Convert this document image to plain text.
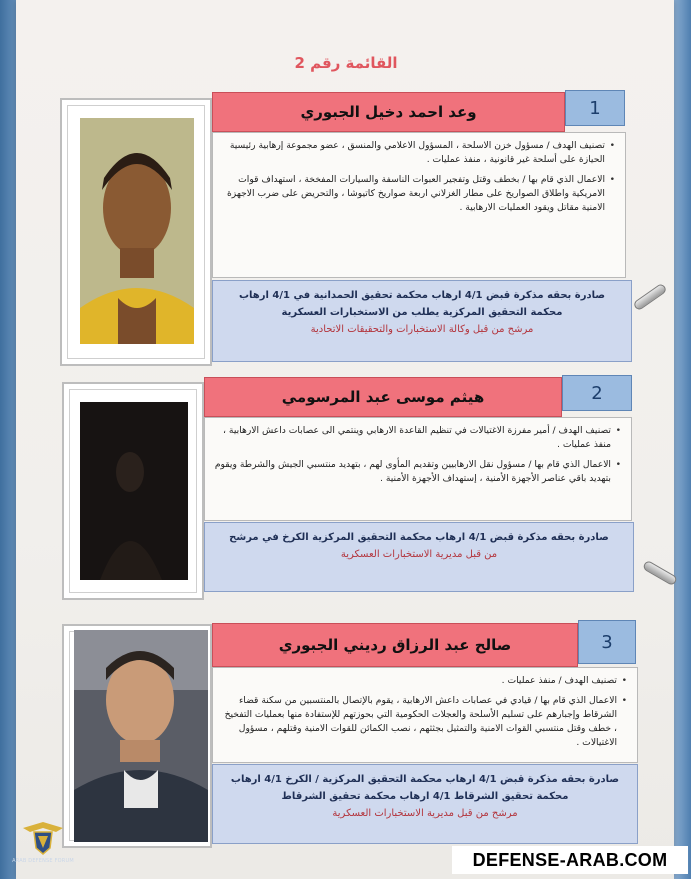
القائمة رقم 2
1
وعد احمد دخيل الجبوري
• تصنيف الهدف / مسؤول خزن الاسلحة ، المسؤول الاعلامي والمنسق ، عضو مجموعة إرهابية رئيسية الحيازة على أسلحة غير قانونية ، منفذ عمليات .
• الاعمال الذي قام بها / بخطف وقتل وتفجير العبوات الناسفة والسيارات المفخخة ، استهداف قوات الامريكية واطلاق الصواريخ على مطار الغزلاني اربعة صواريخ كاتيوشا ، والتحريض على ضرب الاجهزة الامنية مقاتل ويقود العمليات الارهابية .
صادرة بحقه مذكرة قبض 4/1 ارهاب محكمة تحقيق الحمدانية في 4/1 ارهاب محكمة التحقيق المركزية يطلب من الاستخبارات العسكرية
مرشح من قبل وكالة الاستخبارات والتحقيقات الاتحادية
2
هيثم موسى عبد المرسومي
• تصنيف الهدف / أمير مفرزة الاغتيالات في تنظيم القاعدة الارهابي وينتمي الى عصابات داعش الارهابية ، منفذ عمليات .
• الاعمال الذي قام بها / مسؤول نقل الارهابيين وتقديم المأوى لهم ، بتهديد منتسبي الجيش والشرطة ويقوم بتهديد باقي عناصر الأجهزة الأمنية ، إستهداف الأجهزة الأمنية .
صادرة بحقه مذكرة قبض 4/1 ارهاب محكمة التحقيق المركزية الكرخ في مرشح
من قبل مديرية الاستخبارات العسكرية
3
صالح عبد الرزاق رديني الجبوري
• تصنيف الهدف / منفذ عمليات .
• الاعمال الذي قام بها / قيادي في عصابات داعش الارهابية ، يقوم بالإتصال بالمنتسبين من سكنة قضاء الشرقاط وإجبارهم على تسليم الأسلحة والعجلات الحكومية التي بحوزتهم للإستفادة منها بعمليات التفخيخ ، خطف وقتل منتسبي القوات الامنية والتمثيل بجثثهم ، نصب الكمائن للقوات الامنية وقتلهم ، مسؤول الاغتيالات .
صادرة بحقه مذكرة قبض 4/1 ارهاب محكمة التحقيق المركزية / الكرخ 4/1 ارهاب محكمة تحقيق الشرقاط 4/1 ارهاب محكمة تحقيق الشرقاط
مرشح من قبل مديرية الاستخبارات العسكرية
ARAB DEFENSE FORUM	DEFENSE-ARAB.COM
